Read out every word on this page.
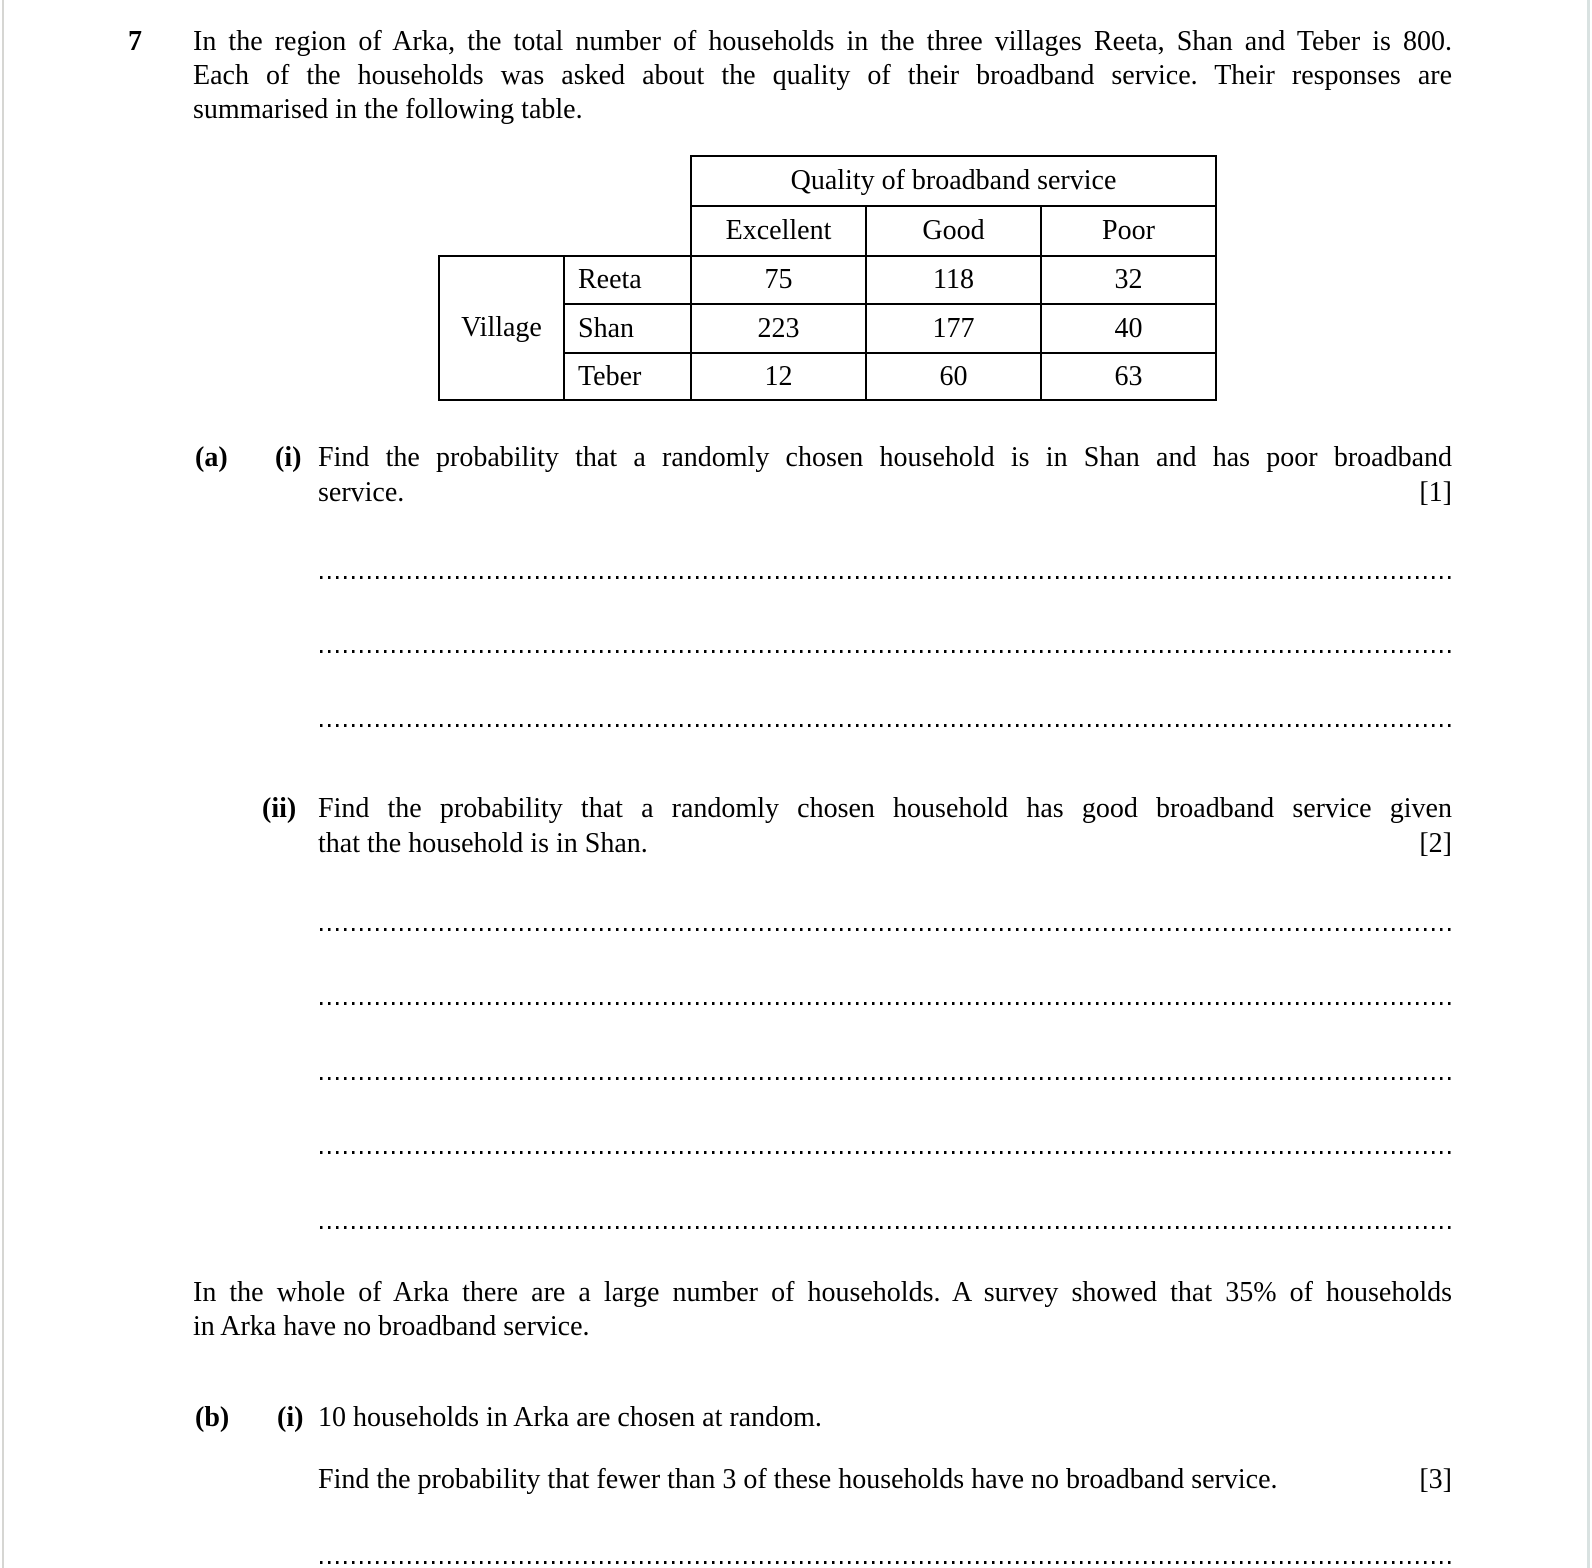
7 In the region of Arka, the total number of households in the three villages Reeta, Shan and Teber is 800.
Each of the households was asked about the quality of their broadband service. Their responses are
summarised in the following table.
		Quality of broadband service		
		Excellent	Good	Poor
Village	Reeta	75	118	32
	Shan	223	177	40
	Teber	12	60	63
(a) (i) Find the probability that a randomly chosen household is in Shan and has poor broadband
service.	[1]
(ii) Find the probability that a randomly chosen household has good broadband service given
that the household is in Shan.	[2]
In the whole of Arka there are a large number of households. A survey showed that 35% of households
in Arka have no broadband service.
(b) (i) 10 households in Arka are chosen at random.
Find the probability that fewer than 3 of these households have no broadband service.	[3]
